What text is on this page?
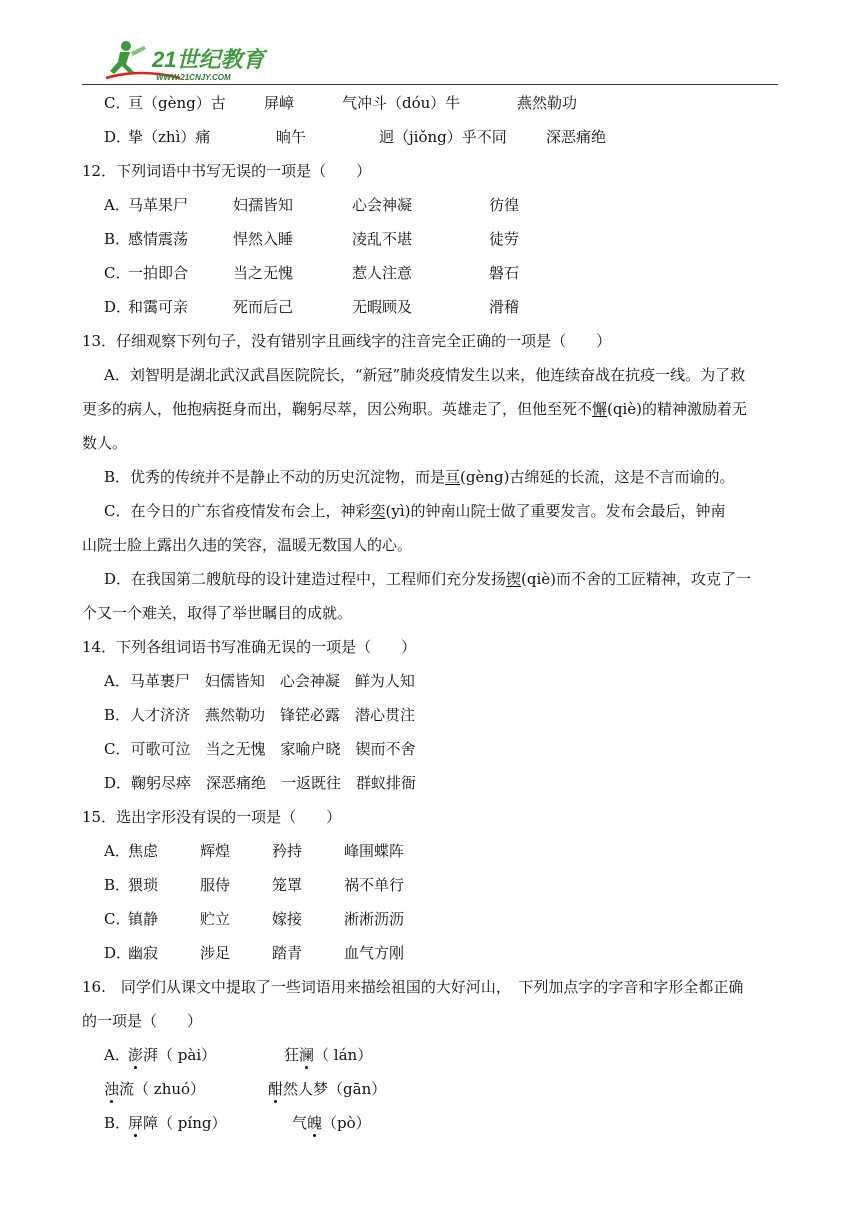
21世纪教育
WWW.21CNJY.COM
C．
亘（gèng）古	屏嶂	气冲斗（dóu）牛	燕然勒功
D．
挚（zhì）痛	晌午	迥（jiǒng）乎不同	深恶痛绝
12．下列词语中书写无误的一项是（　　）
A．
马革果尸	妇孺皆知	心会神凝	彷徨
B．
感情震荡	悍然入睡	凌乱不堪	徒劳
C．
一拍即合	当之无愧	惹人注意	磐石
D．
和霭可亲	死而后己	无暇顾及	滑稽
13．仔细观察下列句子，没有错别字且画线字的注音完全正确的一项是（　　）
A．刘智明是湖北武汉武昌医院院长，“新冠”肺炎疫情发生以来，他连续奋战在抗疫一线。为了救
更多的病人，他抱病挺身而出，鞠躬尽萃，因公殉职。英雄走了，但他至死不懈(qiè)的精神激励着无
数人。
B．优秀的传统并不是静止不动的历史沉淀物，而是亘(gèng)古绵延的长流，这是不言而谕的。
C．在今日的广东省疫情发布会上，神彩奕(yì)的钟南山院士做了重要发言。发布会最后，钟南
山院士脸上露出久违的笑容，温暖无数国人的心。
D．在我国第二艘航母的设计建造过程中，工程师们充分发扬锲(qiè)而不舍的工匠精神，攻克了一
个又一个难关，取得了举世瞩目的成就。
14．下列各组词语书写准确无误的一项是（　　）
A．马革裹尸　妇儒皆知　心会神凝　鲜为人知
B．人才济济　燕然勒功　锋铓必露　潜心贯注
C．可歌可泣　当之无愧　家喻户晓　锲而不舍
D．鞠躬尽瘁　深恶痛绝　一返既往　群蚁排衙
15．选出字形没有误的一项是（　　）
A．
焦虑	辉煌	矜持	峰围蝶阵
B．
猥琐	服侍	笼罩	祸不单行
C．
镇静	贮立	嫁接	淅淅沥沥
D．
幽寂	涉足	踏青	血气方刚
16.　同学们从课文中提取了一些词语用来描绘祖国的大好河山，　下列加点字的字音和字形全都正确
的一项是（　　）
A．
澎湃（ pài）	狂澜（ lán）
浊流（ zhuó）	酣然人梦（gān）
B．
屏障（ píng）	气魄（pò）
